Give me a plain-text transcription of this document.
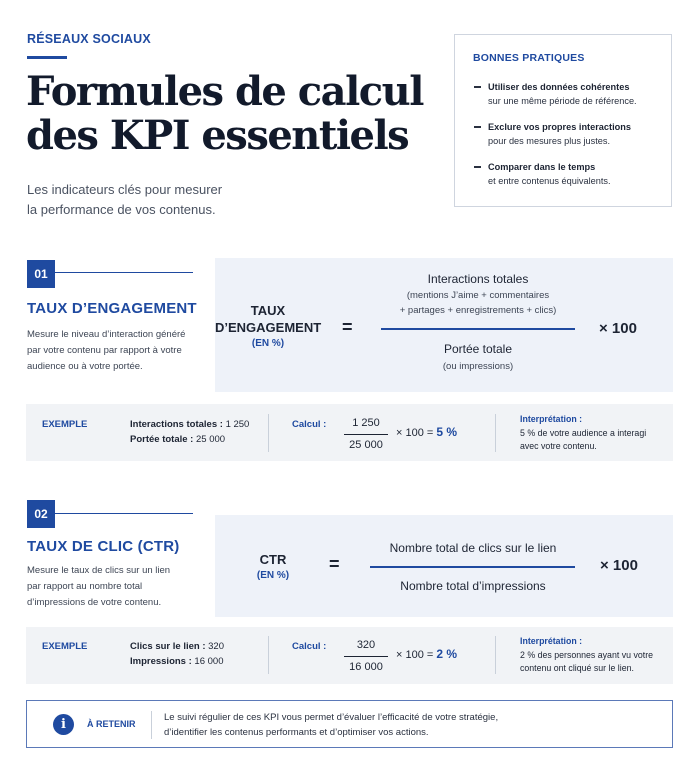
RÉSEAUX SOCIAUX
Formules de calcul
des KPI essentiels
Les indicateurs clés pour mesurer
la performance de vos contenus.
BONNES PRATIQUES
Utiliser des données cohérentes
sur une même période de référence.
Exclure vos propres interactions
pour des mesures plus justes.
Comparer dans le temps
et entre contenus équivalents.
01
TAUX D’ENGAGEMENT
Mesure le niveau d’interaction généré
par votre contenu par rapport à votre
audience ou à votre portée.
TAUX
D’ENGAGEMENT
(EN %)
=
Interactions totales
(mentions J’aime + commentaires
+ partages + enregistrements + clics)
Portée totale
(ou impressions)
× 100
EXEMPLE	Interactions totales : 1 250
Portée totale : 25 000
Calcul :	1 250
25 000
× 100 = 5 %
Interprétation :
5 % de votre audience a interagi
avec votre contenu.
02
TAUX DE CLIC (CTR)
Mesure le taux de clics sur un lien
par rapport au nombre total
d’impressions de votre contenu.
CTR
(EN %)
=
Nombre total de clics sur le lien
Nombre total d’impressions
× 100
EXEMPLE	Clics sur le lien : 320
Impressions : 16 000
Calcul :	320
16 000
× 100 = 2 %
Interprétation :
2 % des personnes ayant vu votre
contenu ont cliqué sur le lien.
i	À RETENIR
Le suivi régulier de ces KPI vous permet d’évaluer l’efficacité de votre stratégie,
d’identifier les contenus performants et d’optimiser vos actions.
